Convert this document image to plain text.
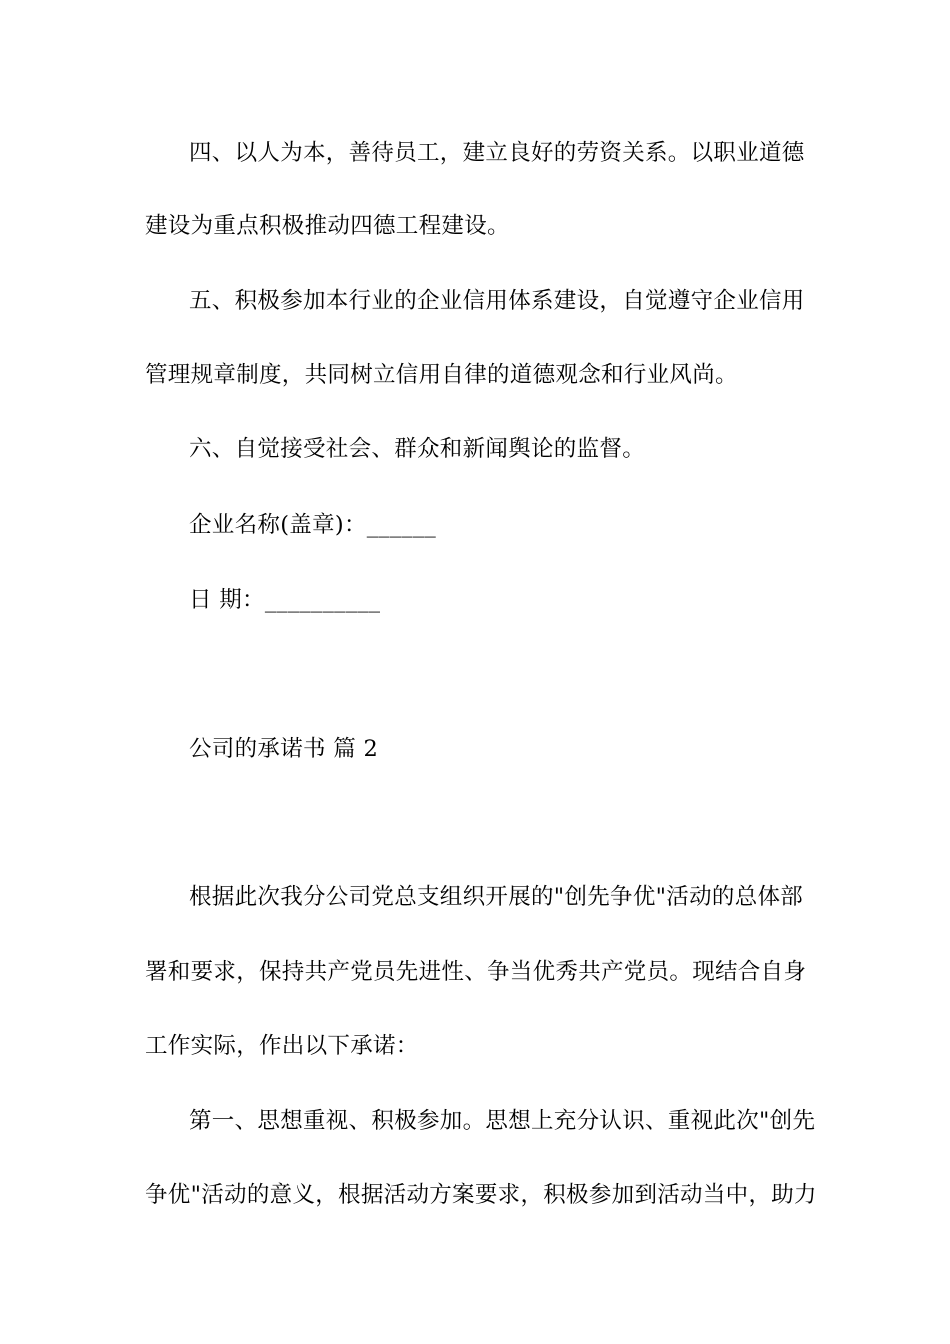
四、以人为本，善待员工，建立良好的劳资关系。以职业道德
建设为重点积极推动四德工程建设。
五、积极参加本行业的企业信用体系建设，自觉遵守企业信用
管理规章制度，共同树立信用自律的道德观念和行业风尚。
六、自觉接受社会、群众和新闻舆论的监督。
企业名称(盖章)：______
日 期：__________
公司的承诺书 篇 2
根据此次我分公司党总支组织开展的"创先争优"活动的总体部
署和要求，保持共产党员先进性、争当优秀共产党员。现结合自身
工作实际，作出以下承诺：
第一、思想重视、积极参加。思想上充分认识、重视此次"创先
争优"活动的意义，根据活动方案要求，积极参加到活动当中，助力
